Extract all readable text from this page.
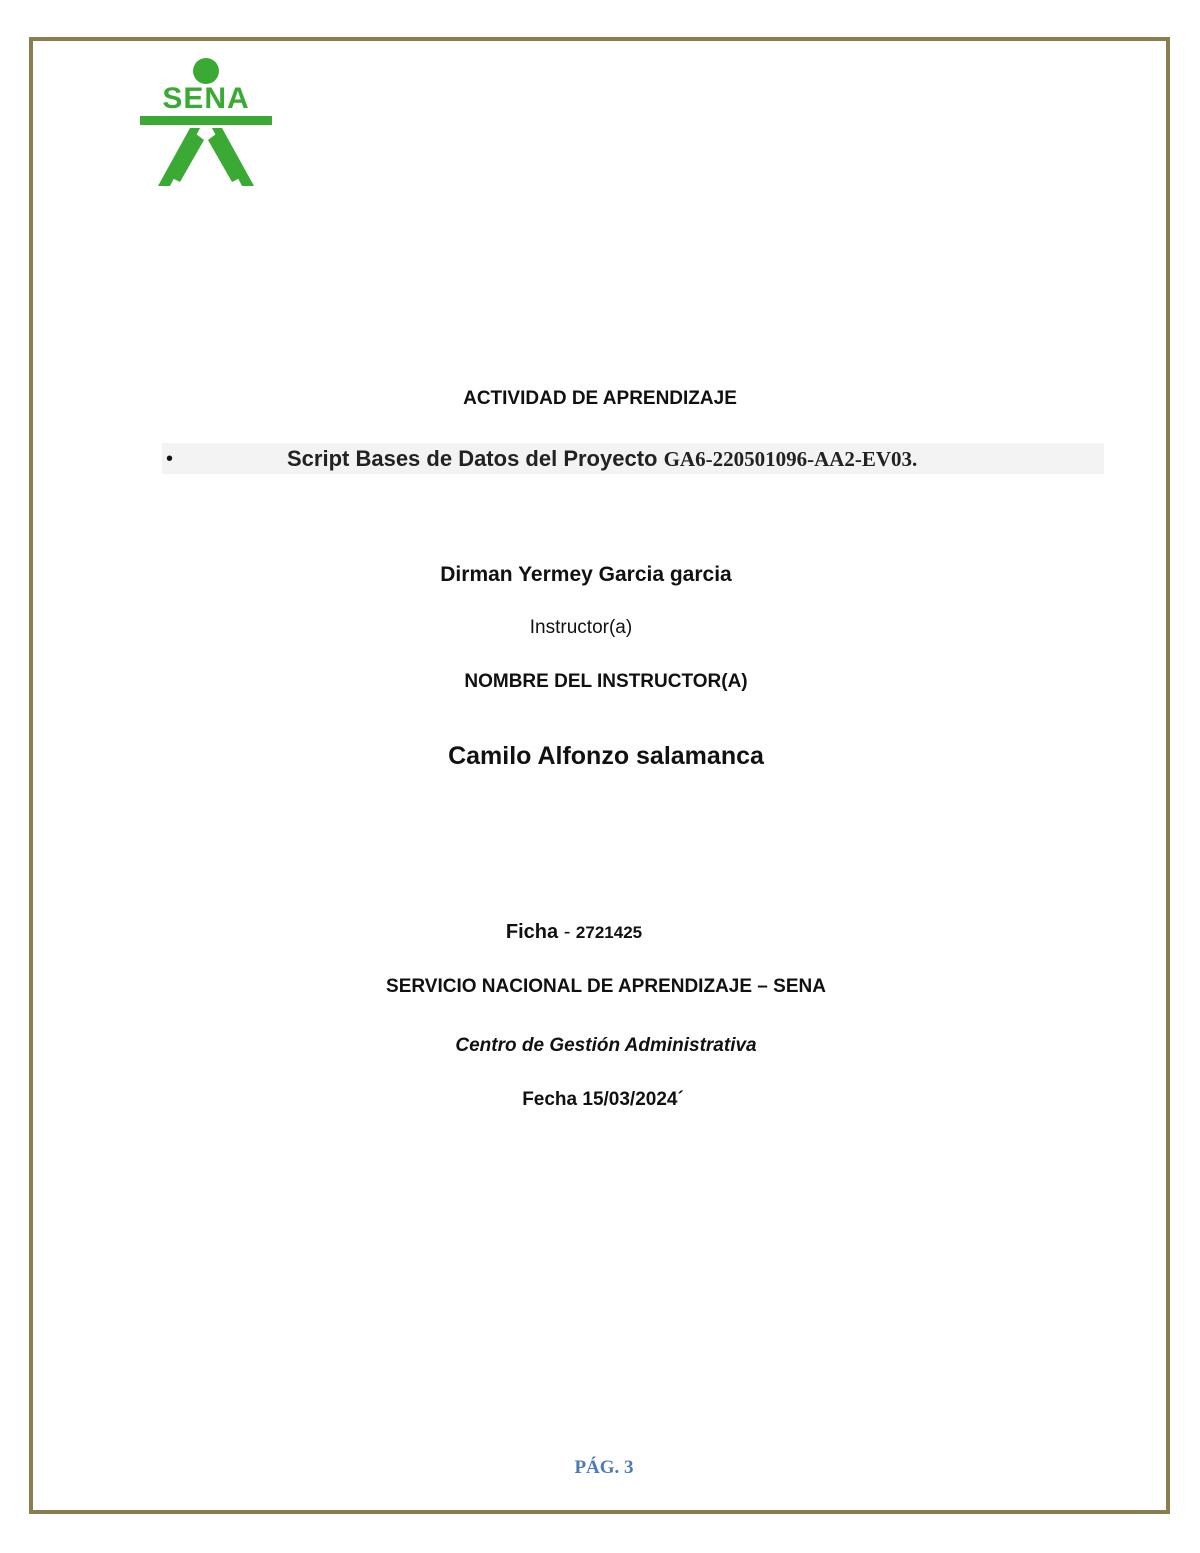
SENA
ACTIVIDAD DE APRENDIZAJE
•	Script Bases de Datos del Proyecto GA6-220501096-AA2-EV03.
Dirman Yermey Garcia garcia
Instructor(a)
NOMBRE DEL INSTRUCTOR(A)
Camilo Alfonzo salamanca
Ficha - 2721425
SERVICIO NACIONAL DE APRENDIZAJE – SENA
Centro de Gestión Administrativa
Fecha 15/03/2024´
PÁG. 3
